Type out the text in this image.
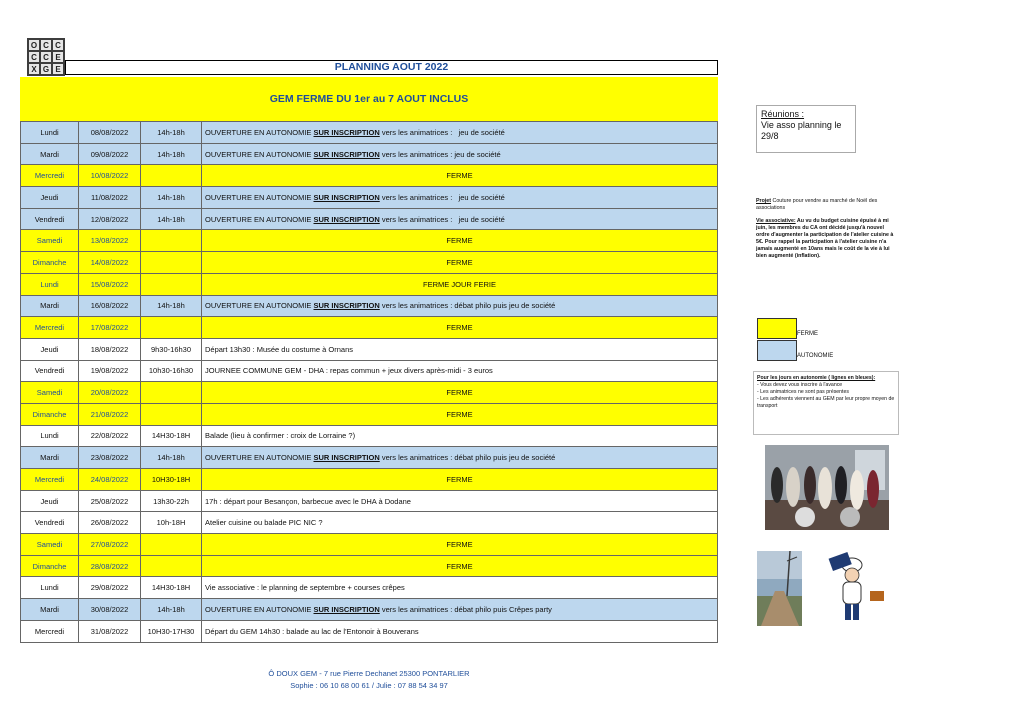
O C C
C C E
X G E	PLANNING AOUT 2022
GEM FERME DU 1er au 7 AOUT INCLUS
Lundi	08/08/2022	14h-18h	OUVERTURE EN AUTONOMIE SUR INSCRIPTION vers les animatrices :   jeu de société
Mardi	09/08/2022	14h-18h	OUVERTURE EN AUTONOMIE SUR INSCRIPTION vers les animatrices : jeu de société
Mercredi	10/08/2022		FERME
Jeudi	11/08/2022	14h-18h	OUVERTURE EN AUTONOMIE SUR INSCRIPTION vers les animatrices :   jeu de société
Vendredi	12/08/2022	14h-18h	OUVERTURE EN AUTONOMIE SUR INSCRIPTION vers les animatrices :   jeu de société
Samedi	13/08/2022		FERME
Dimanche	14/08/2022		FERME
Lundi	15/08/2022		FERME JOUR FERIE
Mardi	16/08/2022	14h-18h	OUVERTURE EN AUTONOMIE SUR INSCRIPTION vers les animatrices : débat philo puis jeu de société
Mercredi	17/08/2022		FERME
Jeudi	18/08/2022	9h30-16h30	Départ 13h30 : Musée du costume à Ornans
Vendredi	19/08/2022	10h30-16h30	JOURNEE COMMUNE GEM - DHA : repas commun + jeux divers après-midi - 3 euros
Samedi	20/08/2022		FERME
Dimanche	21/08/2022		FERME
Lundi	22/08/2022	14H30-18H	Balade (lieu à confirmer : croix de Lorraine ?)
Mardi	23/08/2022	14h-18h	OUVERTURE EN AUTONOMIE SUR INSCRIPTION vers les animatrices : débat philo puis jeu de société
Mercredi	24/08/2022	10H30-18H	FERME
Jeudi	25/08/2022	13h30-22h	17h : départ pour Besançon, barbecue avec le DHA à Dodane
Vendredi	26/08/2022	10h-18H	Atelier cuisine ou balade PIC NIC ?
Samedi	27/08/2022		FERME
Dimanche	28/08/2022		FERME
Lundi	29/08/2022	14H30-18H	Vie associative : le planning de septembre + courses crêpes
Mardi	30/08/2022	14h-18h	OUVERTURE EN AUTONOMIE SUR INSCRIPTION vers les animatrices : débat philo puis Crêpes party
Mercredi	31/08/2022	10H30-17H30	Départ du GEM 14h30 : balade au lac de l'Entonoir à Bouverans
Réunions :
Vie asso planning le 29/8

Projet Couture pour vendre au marché de Noël des associations

Vie associative: Au vu du budget cuisine épuisé à mi juin, les membres du CA ont décidé jusqu'à nouvel ordre d'augmenter la participation de l'atelier cuisine à 5€. Pour rappel la participation à l'atelier cuisine n'a jamais augmenté en 10ans mais le coût de la vie à lui bien augmenté (inflation).

FERME
AUTONOMIE
Pour les jours en autonomie ( lignes en bleues):
- Vous devez vous inscrire à l'avance
- Les animatrices ne sont pas présentes
- Les adhérents viennent au GEM par leur propre moyen de transport
Ô DOUX GEM - 7 rue Pierre Dechanet 25300 PONTARLIER
Sophie : 06 10 68 00 61 / Julie : 07 88 54 34 97
